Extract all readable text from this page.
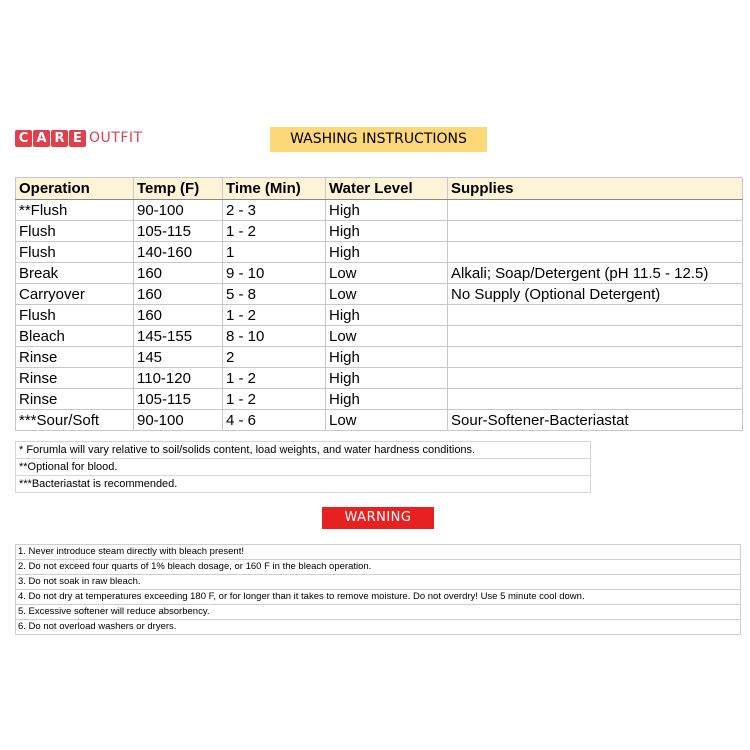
C A R E OUTFIT	WASHING INSTRUCTIONS
Operation	Temp (F)	Time (Min)	Water Level	Supplies
**Flush	90-100	2 - 3	High	
Flush	105-115	1 - 2	High	
Flush	140-160	1	High	
Break	160	9 - 10	Low	Alkali; Soap/Detergent (pH 11.5 - 12.5)
Carryover	160	5 - 8	Low	No Supply (Optional Detergent)
Flush	160	1 - 2	High	
Bleach	145-155	8 - 10	Low	
Rinse	145	2	High	
Rinse	110-120	1 - 2	High	
Rinse	105-115	1 - 2	High	
***Sour/Soft	90-100	4 - 6	Low	Sour-Softener-Bacteriastat
* Forumla will vary relative to soil/solids content, load weights, and water hardness conditions.
**Optional for blood.
***Bacteriastat is recommended.
WARNING
1. Never introduce steam directly with bleach present!
2. Do not exceed four quarts of 1% bleach dosage, or 160 F in the bleach operation.
3. Do not soak in raw bleach.
4. Do not dry at temperatures exceeding 180 F, or for longer than it takes to remove moisture. Do not overdry! Use 5 minute cool down.
5. Excessive softener will reduce absorbency.
6. Do not overload washers or dryers.
